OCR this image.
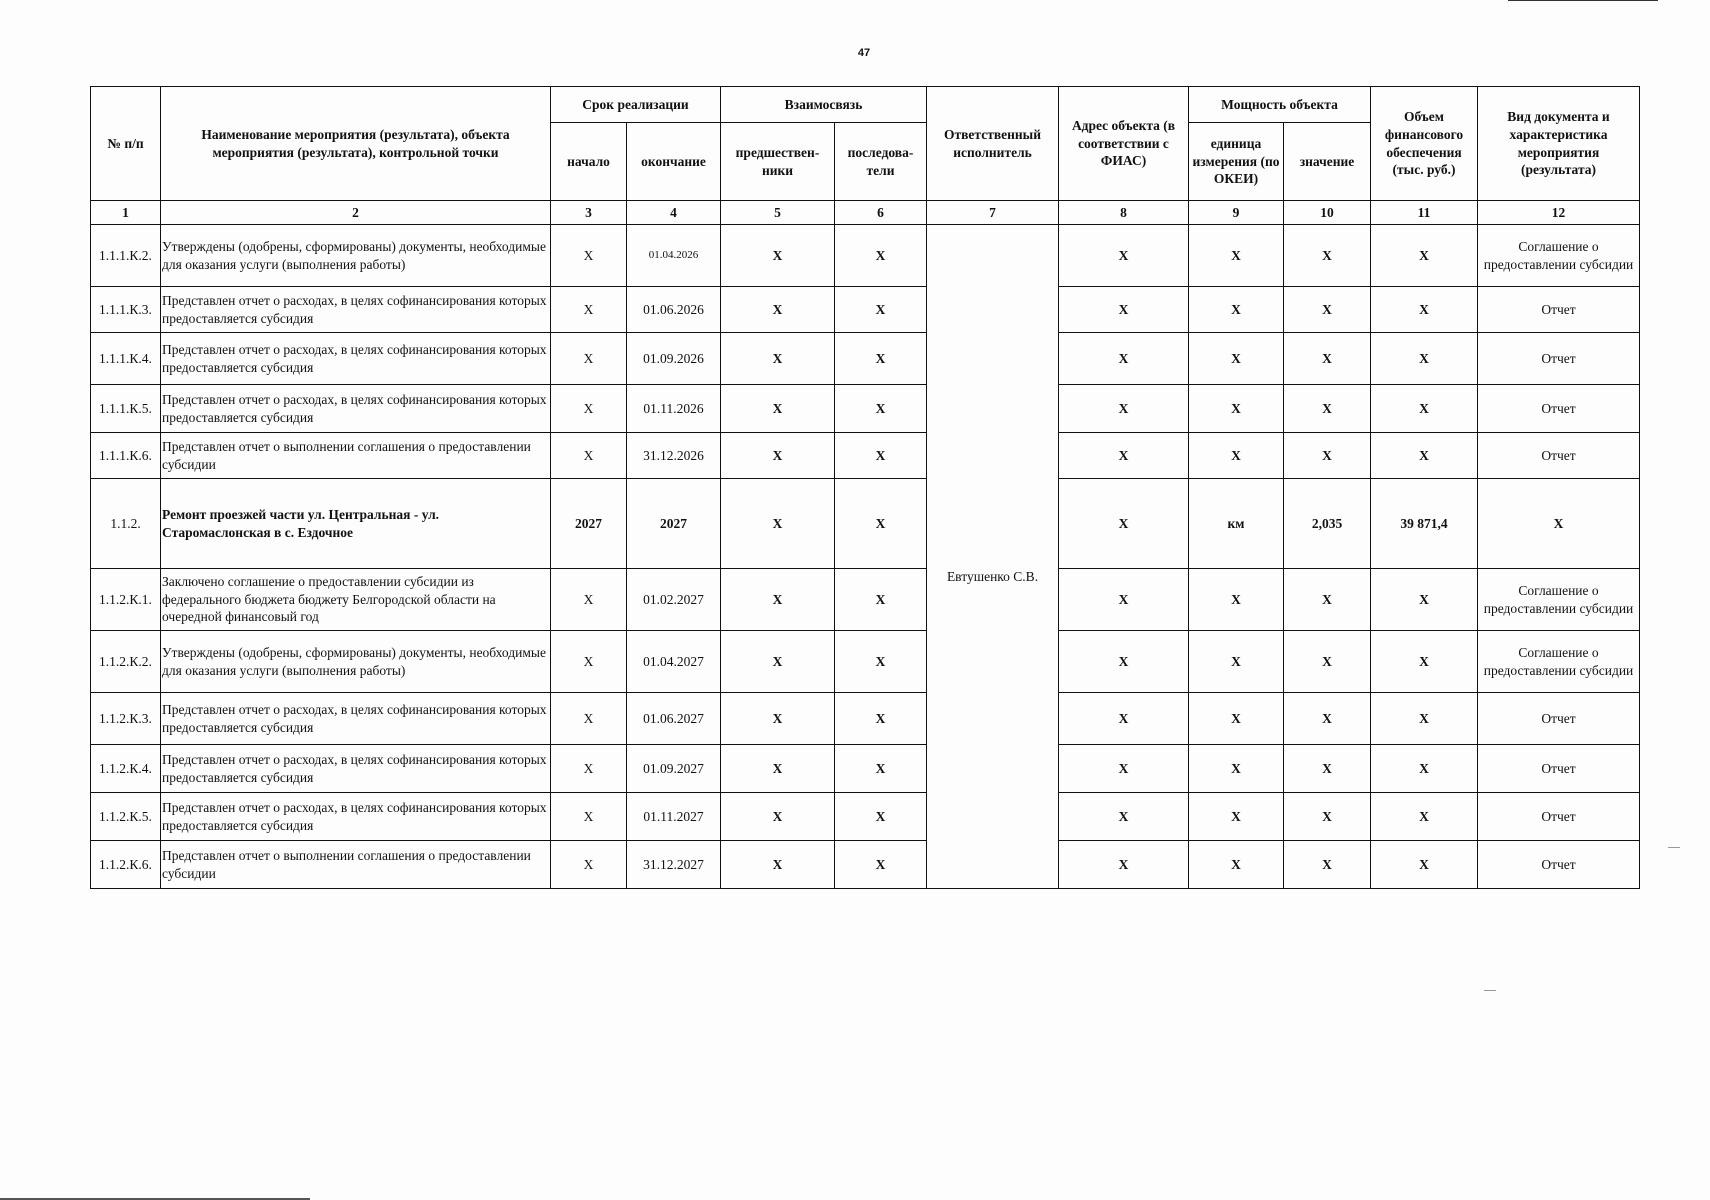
47
№ п/п	Наименование мероприятия (результата), объекта мероприятия (результата), контрольной точки	Срок реализации		Взаимосвязь		Ответственный исполнитель	Адрес объекта (в соответствии с ФИАС)	Мощность объекта		Объем финансового обеспечения (тыс. руб.)	Вид документа и характеристика мероприятия (результата)
		начало	окончание	предшествен-ники	последова-тели			единица измерения (по ОКЕИ)	значение		
1	2	3	4	5	6	7	8	9	10	11	12
1.1.1.К.2.	Утверждены (одобрены, сформированы) документы, необходимые для оказания услуги (выполнения работы)	X	01.04.2026	X	X	Евтушенко С.В.	X	X	X	X	Соглашение о предоставлении субсидии
1.1.1.К.3.	Представлен отчет о расходах, в целях софинансирования которых предоставляется субсидия	X	01.06.2026	X	X		X	X	X	X	Отчет
1.1.1.К.4.	Представлен отчет о расходах, в целях софинансирования которых предоставляется субсидия	X	01.09.2026	X	X		X	X	X	X	Отчет
1.1.1.К.5.	Представлен отчет о расходах, в целях софинансирования которых предоставляется субсидия	X	01.11.2026	X	X		X	X	X	X	Отчет
1.1.1.К.6.	Представлен отчет о выполнении соглашения о предоставлении субсидии	X	31.12.2026	X	X		X	X	X	X	Отчет
1.1.2.	Ремонт проезжей части ул. Центральная - ул. Старомаслонская в с. Ездочное	2027	2027	X	X		X	км	2,035	39 871,4	X
1.1.2.К.1.	Заключено соглашение о предоставлении субсидии из федерального бюджета бюджету Белгородской области на очередной финансовый год	X	01.02.2027	X	X		X	X	X	X	Соглашение о предоставлении субсидии
1.1.2.К.2.	Утверждены (одобрены, сформированы) документы, необходимые для оказания услуги (выполнения работы)	X	01.04.2027	X	X		X	X	X	X	Соглашение о предоставлении субсидии
1.1.2.К.3.	Представлен отчет о расходах, в целях софинансирования которых предоставляется субсидия	X	01.06.2027	X	X		X	X	X	X	Отчет
1.1.2.К.4.	Представлен отчет о расходах, в целях софинансирования которых предоставляется субсидия	X	01.09.2027	X	X		X	X	X	X	Отчет
1.1.2.К.5.	Представлен отчет о расходах, в целях софинансирования которых предоставляется субсидия	X	01.11.2027	X	X		X	X	X	X	Отчет
1.1.2.К.6.	Представлен отчет о выполнении соглашения о предоставлении субсидии	X	31.12.2027	X	X		X	X	X	X	Отчет
